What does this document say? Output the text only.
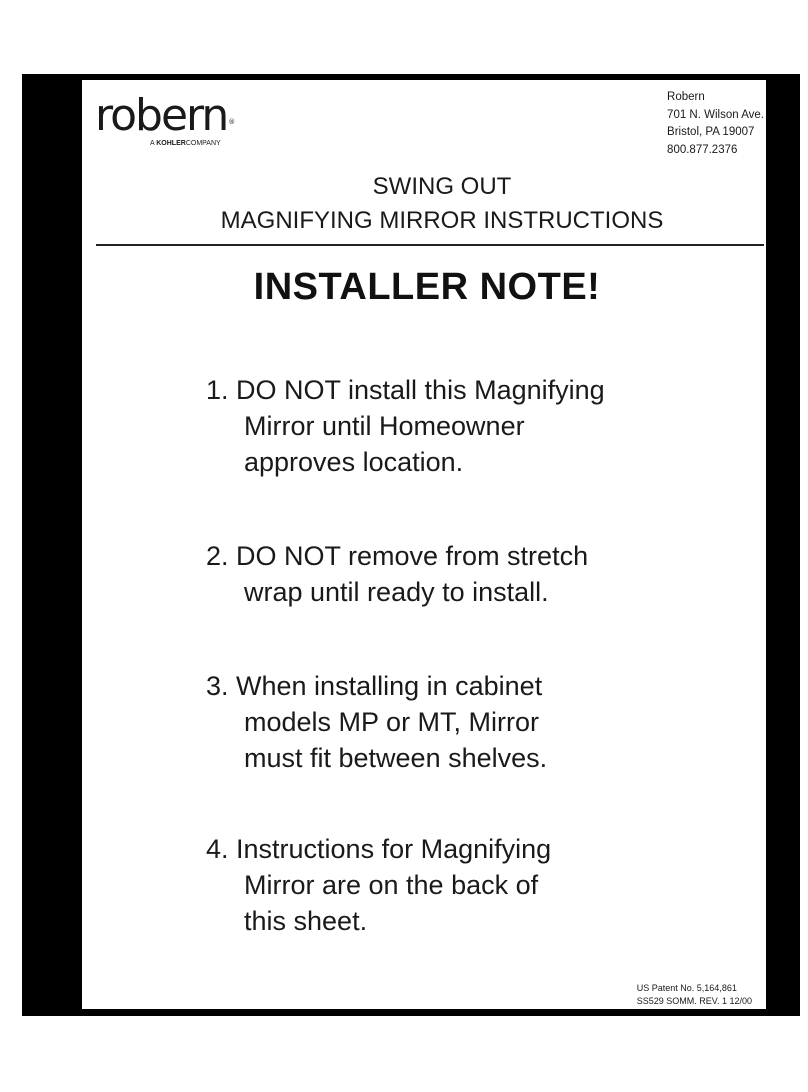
robern ®
A KOHLERCOMPANY
Robern
701 N. Wilson Ave.
Bristol, PA 19007
800.877.2376
SWING OUT
MAGNIFYING MIRROR INSTRUCTIONS
INSTALLER NOTE!
1. DO NOT install this Magnifying
Mirror until Homeowner
approves location.
2. DO NOT remove from stretch
wrap until ready to install.
3. When installing in cabinet
models MP or MT, Mirror
must fit between shelves.
4. Instructions for Magnifying
Mirror are on the back of
this sheet.
US Patent No. 5,164,861
SS529 SOMM. REV. 1 12/00
